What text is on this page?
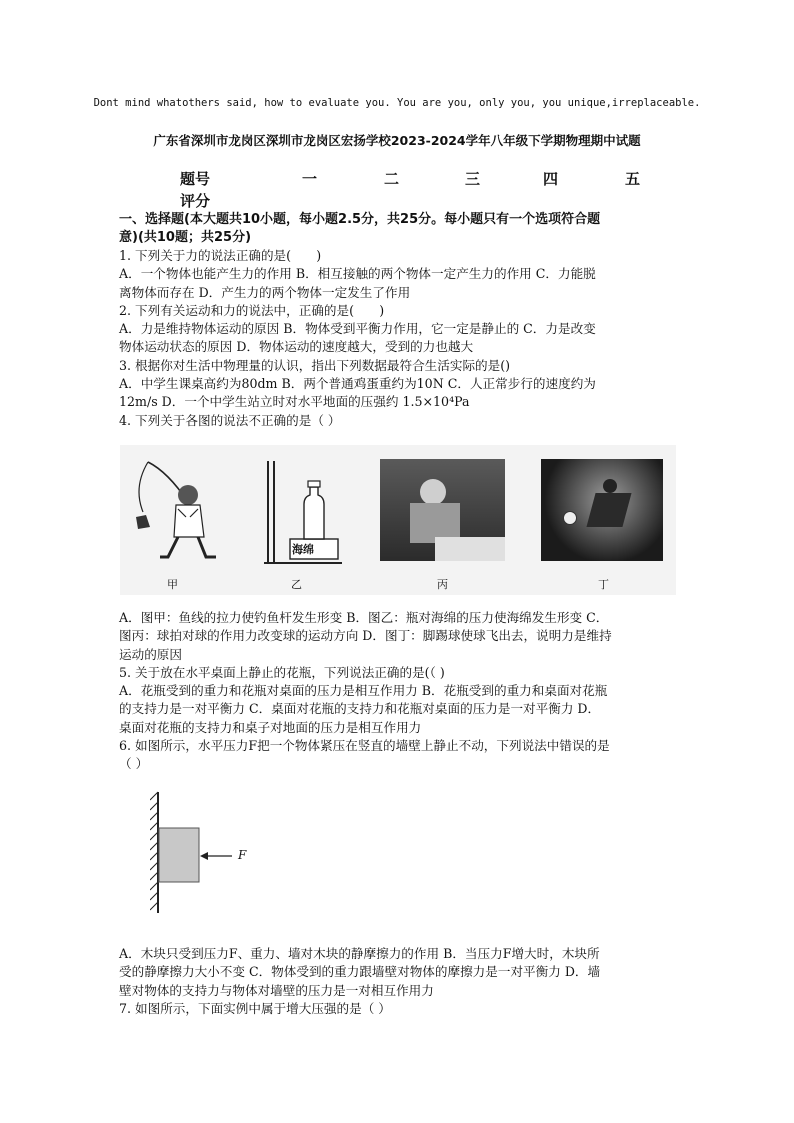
Dont mind whatothers said, how to evaluate you. You are you, only you, you unique,irreplaceable.
广东省深圳市龙岗区深圳市龙岗区宏扬学校2023-2024学年八年级下学期物理期中试题
题号	一	二	三	四	五
评分

一、选择题(本大题共10小题，每小题2.5分，共25分。每小题只有一个选项符合题

意)(共10题；共25分)

1. 下列关于力的说法正确的是(　　)

A．一个物体也能产生力的作用 B．相互接触的两个物体一定产生力的作用 C．力能脱

离物体而存在 D．产生力的两个物体一定发生了作用

2. 下列有关运动和力的说法中，正确的是(　　)

A．力是维持物体运动的原因 B．物体受到平衡力作用，它一定是静止的 C．力是改变

物体运动状态的原因 D．物体运动的速度越大，受到的力也越大

3. 根据你对生活中物理量的认识，指出下列数据最符合生活实际的是()

A．中学生课桌高约为80dm B．两个普通鸡蛋重约为10N C．人正常步行的速度约为

12m/s D．一个中学生站立时对水平地面的压强约 1.5×10⁴Pa

4. 下列关于各图的说法不正确的是（ ）

海绵
甲	乙	丙	丁

A．图甲：鱼线的拉力使钓鱼杆发生形变 B．图乙：瓶对海绵的压力使海绵发生形变 C．

图丙：球拍对球的作用力改变球的运动方向 D．图丁：脚踢球使球飞出去，说明力是维持

运动的原因

5. 关于放在水平桌面上静止的花瓶，下列说法正确的是(（ )

A．花瓶受到的重力和花瓶对桌面的压力是相互作用力 B．花瓶受到的重力和桌面对花瓶

的支持力是一对平衡力 C．桌面对花瓶的支持力和花瓶对桌面的压力是一对平衡力 D．

桌面对花瓶的支持力和桌子对地面的压力是相互作用力

6. 如图所示，水平压力F把一个物体紧压在竖直的墙壁上静止不动，下列说法中错误的是

（ ）

F

A．木块只受到压力F、重力、墙对木块的静摩擦力的作用 B．当压力F增大时，木块所

受的静摩擦力大小不变 C．物体受到的重力跟墙壁对物体的摩擦力是一对平衡力 D．墙

壁对物体的支持力与物体对墙壁的压力是一对相互作用力

7. 如图所示，下面实例中属于增大压强的是（ ）
